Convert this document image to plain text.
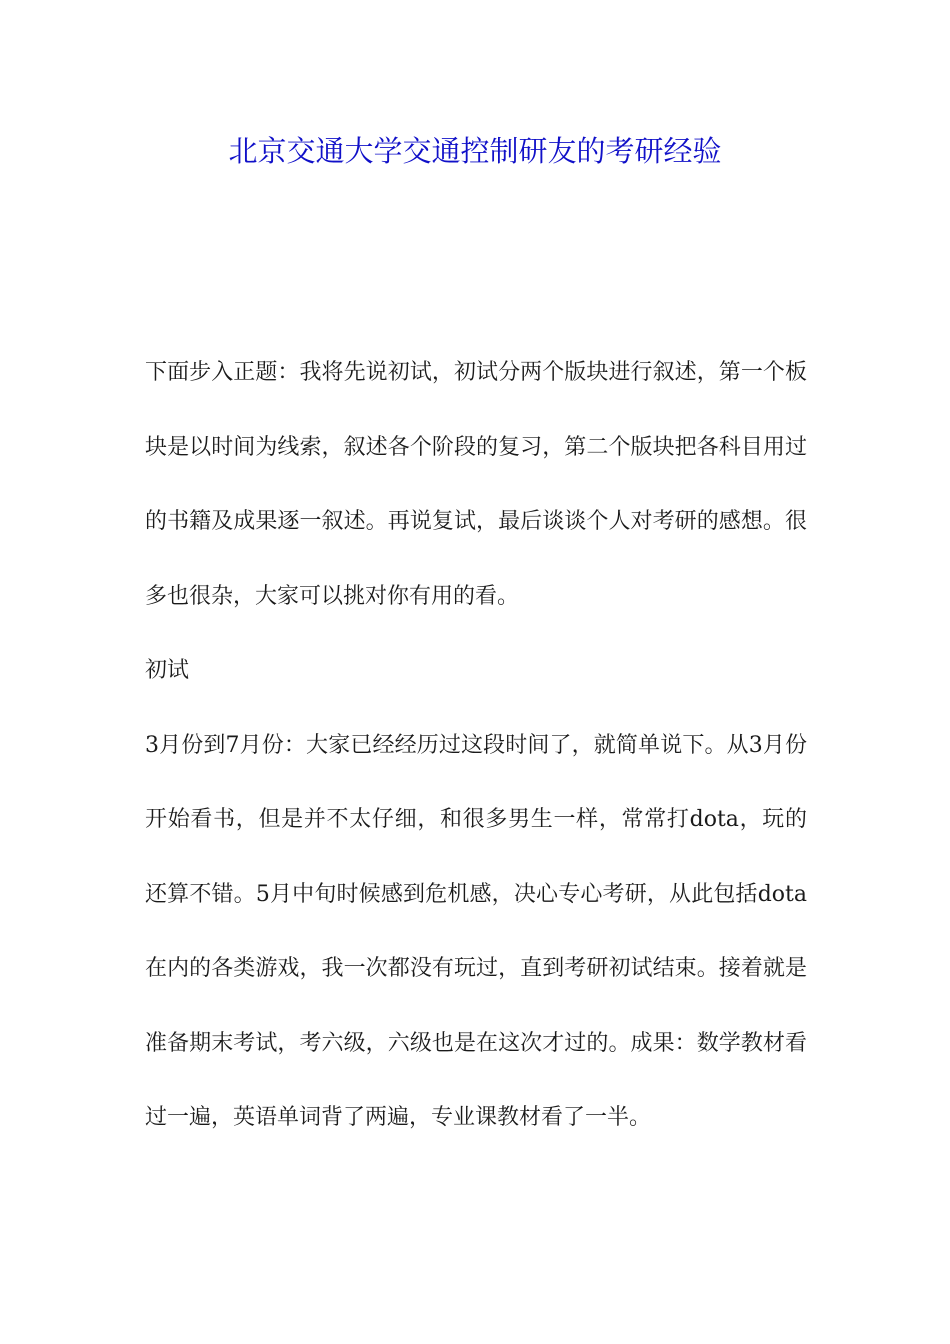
北京交通大学交通控制研友的考研经验

下面步入正题：我将先说初试，初试分两个版块进行叙述，第一个板块是以时间为线索，叙述各个阶段的复习，第二个版块把各科目用过的书籍及成果逐一叙述。再说复试，最后谈谈个人对考研的感想。很多也很杂，大家可以挑对你有用的看。

初试

3月份到7月份：大家已经经历过这段时间了，就简单说下。从3月份开始看书，但是并不太仔细，和很多男生一样，常常打dota，玩的还算不错。5月中旬时候感到危机感，决心专心考研，从此包括dota在内的各类游戏，我一次都没有玩过，直到考研初试结束。接着就是准备期末考试，考六级，六级也是在这次才过的。成果：数学教材看过一遍，英语单词背了两遍，专业课教材看了一半。
